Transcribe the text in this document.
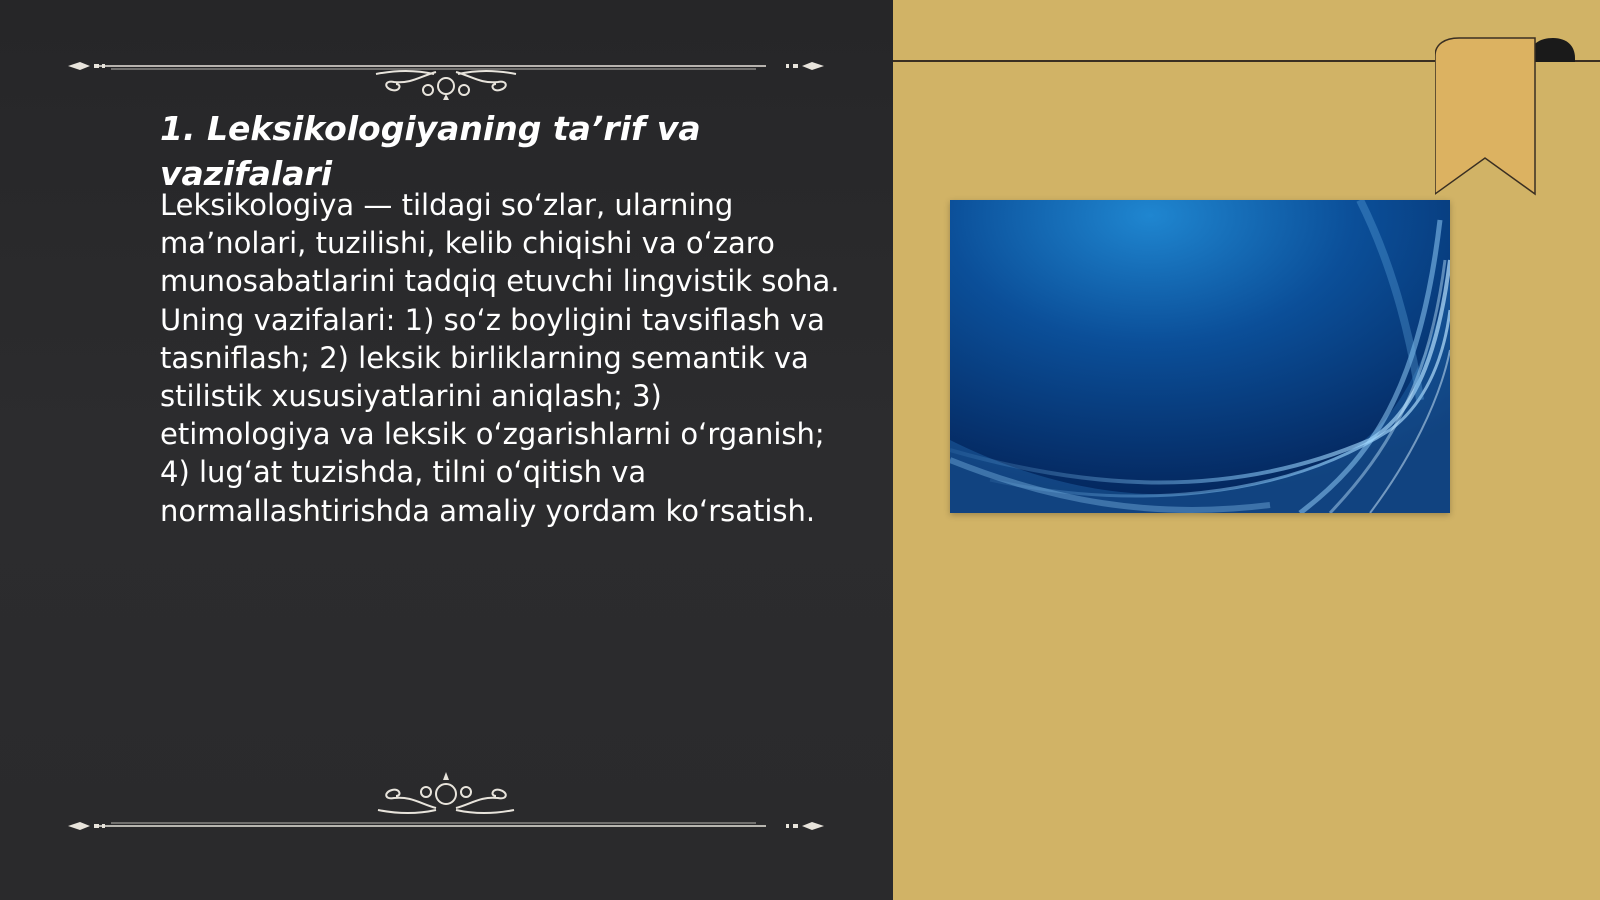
1. Leksikologiyaning ta’rif va vazifalari

Leksikologiya — tildagi so‘zlar, ularning ma’nolari, tuzilishi, kelib chiqishi va o‘zaro munosabatlarini tadqiq etuvchi lingvistik soha. Uning vazifalari: 1) so‘z boyligini tavsiflash va tasniflash; 2) leksik birliklarning semantik va stilistik xususiyatlarini aniqlash; 3) etimologiya va leksik o‘zgarishlarni o‘rganish; 4) lug‘at tuzishda, tilni o‘qitish va normallashtirishda amaliy yordam ko‘rsatish.
